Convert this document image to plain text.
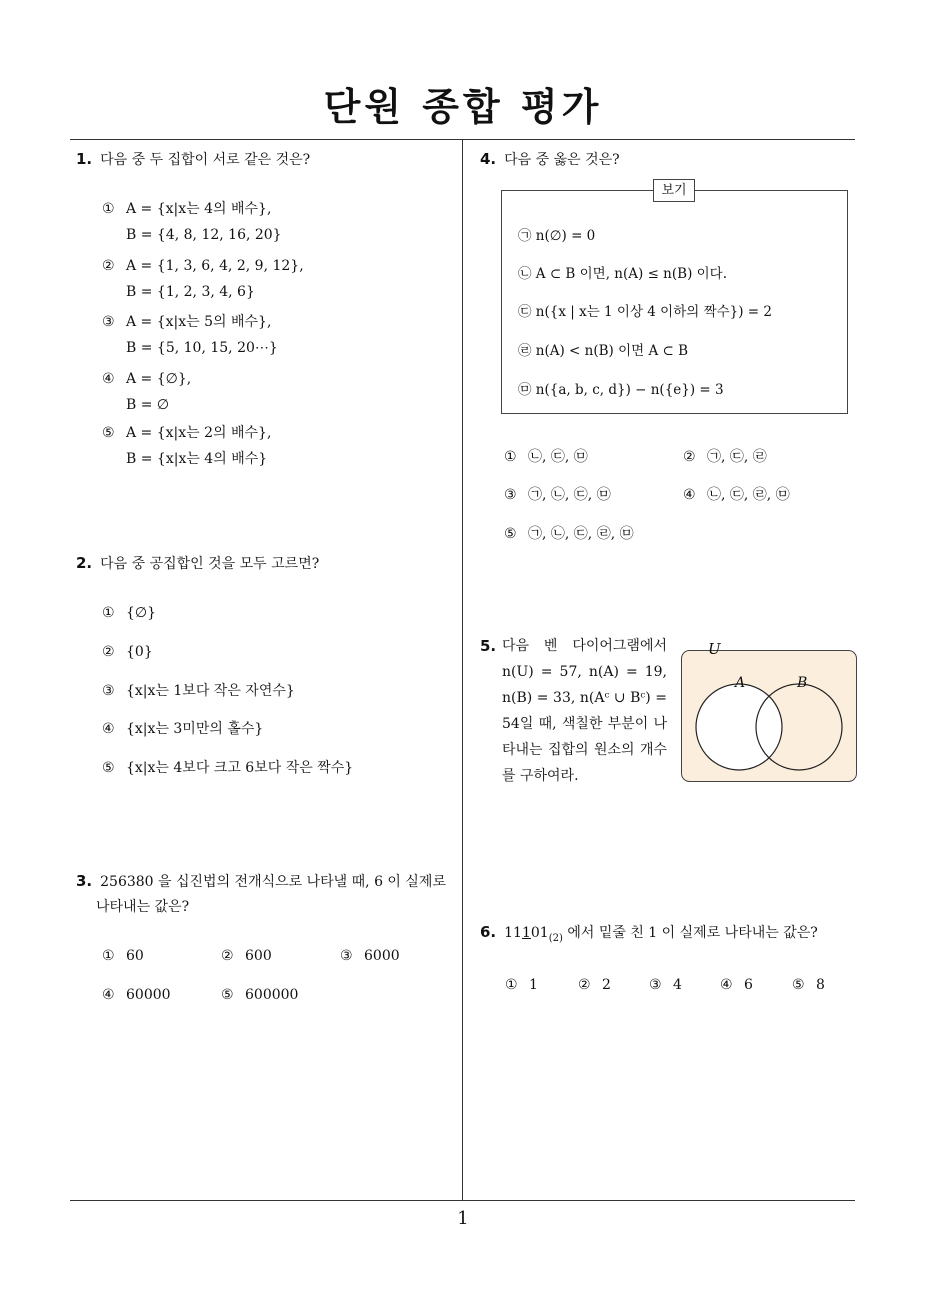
단원 종합 평가
1
1. 다음 중 두 집합이 서로 같은 것은?
① A = {x|x는 4의 배수},
B = {4, 8, 12, 16, 20}
② A = {1, 3, 6, 4, 2, 9, 12},
B = {1, 2, 3, 4, 6}
③ A = {x|x는 5의 배수},
B = {5, 10, 15, 20⋯}
④ A = {∅},
B = ∅
⑤ A = {x|x는 2의 배수},
B = {x|x는 4의 배수}
2. 다음 중 공집합인 것을 모두 고르면?
① {∅}
② {0}
③ {x|x는 1보다 작은 자연수}
④ {x|x는 3미만의 홀수}
⑤ {x|x는 4보다 크고 6보다 작은 짝수}
3. 256380 을 십진법의 전개식으로 나타낼 때, 6 이 실제로
나타내는 값은?
① 60	② 600	③ 6000
④ 60000	⑤ 600000
4. 다음 중 옳은 것은?
보기
㉠ n(∅) = 0
㉡ A ⊂ B 이면, n(A) ≤ n(B) 이다.
㉢ n({x | x는 1 이상 4 이하의 짝수}) = 2
㉣ n(A) < n(B) 이면 A ⊂ B
㉤ n({a, b, c, d}) − n({e}) = 3
① ㉡, ㉢, ㉤	② ㉠, ㉢, ㉣
③ ㉠, ㉡, ㉢, ㉤	④ ㉡, ㉢, ㉣, ㉤
⑤ ㉠, ㉡, ㉢, ㉣, ㉤
5. 다음 벤 다이어그램에서 n(U) = 57, n(A) = 19, n(B) = 33, n(Aᶜ ∪ Bᶜ) = 54일 때, 색칠한 부분이 나타내는 집합의 원소의 개수를 구하여라.
U
A	B
6. $11101_{(2)}$ 에서 밑줄 친 1 이 실제로 나타내는 값은?
① 1	② 2	③ 4	④ 6	⑤ 8
